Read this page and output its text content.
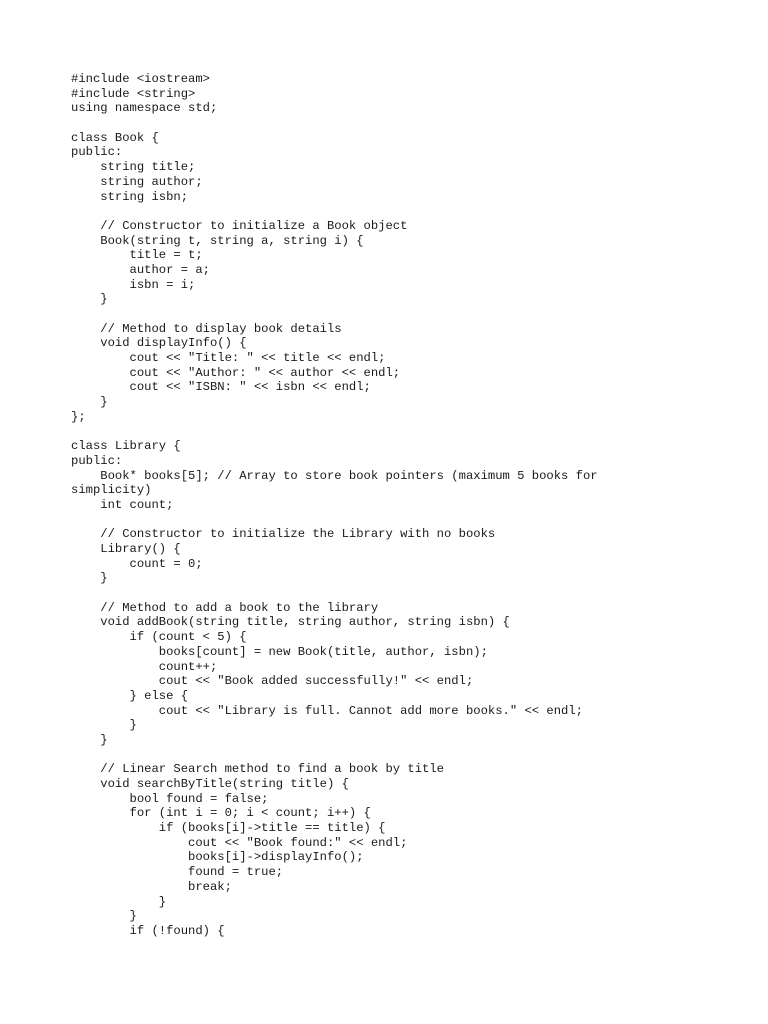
#include <iostream>
#include <string>
using namespace std;
class Book {
public:
string title;
string author;
string isbn;
// Constructor to initialize a Book object
Book(string t, string a, string i) {
title = t;
author = a;
isbn = i;
}
// Method to display book details
void displayInfo() {
cout << "Title: " << title << endl;
cout << "Author: " << author << endl;
cout << "ISBN: " << isbn << endl;
}
};
class Library {
public:
Book* books[5]; // Array to store book pointers (maximum 5 books for
simplicity)
int count;
// Constructor to initialize the Library with no books
Library() {
count = 0;
}
// Method to add a book to the library
void addBook(string title, string author, string isbn) {
if (count < 5) {
books[count] = new Book(title, author, isbn);
count++;
cout << "Book added successfully!" << endl;
} else {
cout << "Library is full. Cannot add more books." << endl;
}
}
// Linear Search method to find a book by title
void searchByTitle(string title) {
bool found = false;
for (int i = 0; i < count; i++) {
if (books[i]->title == title) {
cout << "Book found:" << endl;
books[i]->displayInfo();
found = true;
break;
}
}
if (!found) {
